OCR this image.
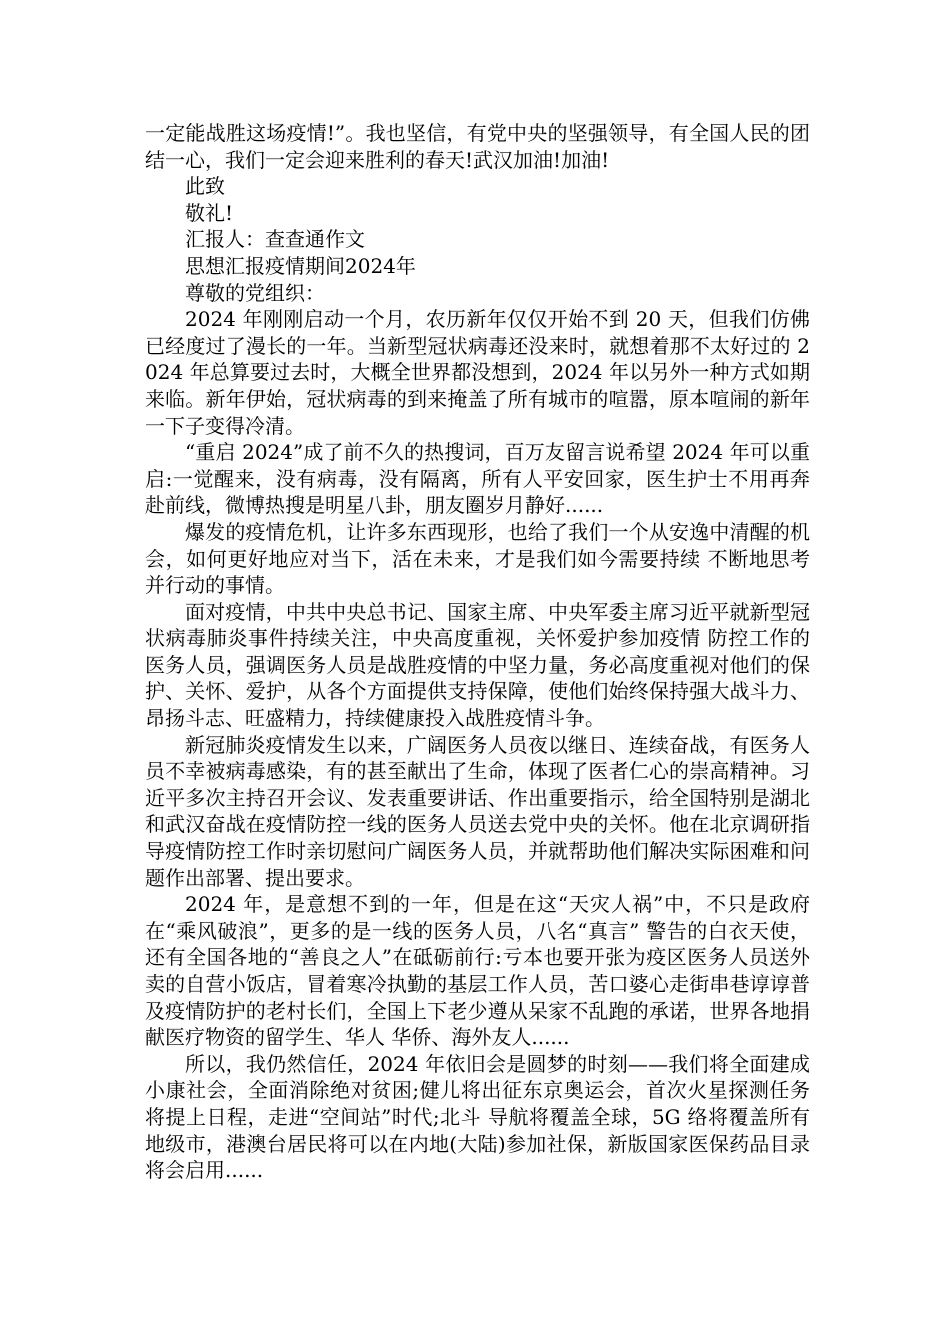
一定能战胜这场疫情!”。我也坚信，有党中央的坚强领导，有全国人民的团结一心，我们一定会迎来胜利的春天!武汉加油!加油!

此致

敬礼!

汇报人：查查通作文

思想汇报疫情期间2024年

尊敬的党组织：

2024 年刚刚启动一个月，农历新年仅仅开始不到 20 天，但我们仿佛已经度过了漫长的一年。当新型冠状病毒还没来时，就想着那不太好过的 2024 年总算要过去时，大概全世界都没想到，2024 年以另外一种方式如期来临。新年伊始，冠状病毒的到来掩盖了所有城市的喧嚣，原本喧闹的新年一下子变得冷清。

“重启 2024”成了前不久的热搜词，百万友留言说希望 2024 年可以重启:一觉醒来，没有病毒，没有隔离，所有人平安回家，医生护士不用再奔赴前线，微博热搜是明星八卦，朋友圈岁月静好......

爆发的疫情危机，让许多东西现形，也给了我们一个从安逸中清醒的机会，如何更好地应对当下，活在未来，才是我们如今需要持续 不断地思考并行动的事情。

面对疫情，中共中央总书记、国家主席、中央军委主席习近平就新型冠状病毒肺炎事件持续关注，中央高度重视，关怀爱护参加疫情 防控工作的医务人员，强调医务人员是战胜疫情的中坚力量，务必高度重视对他们的保护、关怀、爱护，从各个方面提供支持保障，使他们始终保持强大战斗力、昂扬斗志、旺盛精力，持续健康投入战胜疫情斗争。

新冠肺炎疫情发生以来，广阔医务人员夜以继日、连续奋战，有医务人员不幸被病毒感染，有的甚至献出了生命，体现了医者仁心的崇高精神。习近平多次主持召开会议、发表重要讲话、作出重要指示，给全国特别是湖北和武汉奋战在疫情防控一线的医务人员送去党中央的关怀。他在北京调研指导疫情防控工作时亲切慰问广阔医务人员，并就帮助他们解决实际困难和问题作出部署、提出要求。

2024 年，是意想不到的一年，但是在这“天灾人祸”中，不只是政府在“乘风破浪”，更多的是一线的医务人员，八名“真言” 警告的白衣天使，还有全国各地的“善良之人”在砥砺前行:亏本也要开张为疫区医务人员送外卖的自营小饭店，冒着寒冷执勤的基层工作人员，苦口婆心走街串巷谆谆普及疫情防护的老村长们，全国上下老少遵从呆家不乱跑的承诺，世界各地捐献医疗物资的留学生、华人 华侨、海外友人......

所以，我仍然信任，2024 年依旧会是圆梦的时刻——我们将全面建成小康社会，全面消除绝对贫困;健儿将出征东京奥运会，首次火星探测任务将提上日程，走进“空间站”时代;北斗 导航将覆盖全球，5G 络将覆盖所有地级市，港澳台居民将可以在内地(大陆)参加社保，新版国家医保药品目录将会启用......
